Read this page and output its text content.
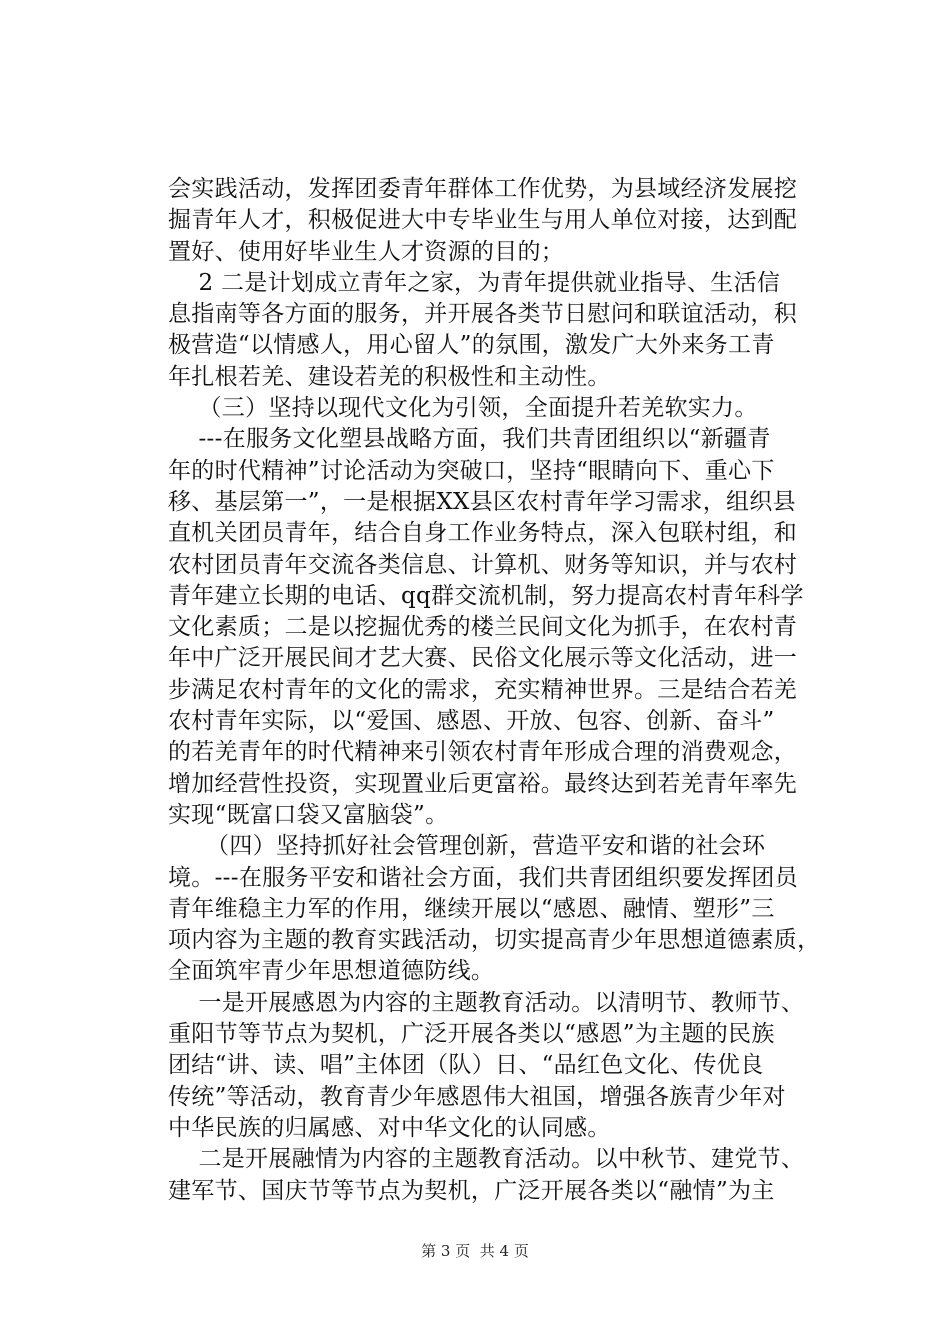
会实践活动，发挥团委青年群体工作优势，为县域经济发展挖
掘青年人才，积极促进大中专毕业生与用人单位对接，达到配
置好、使用好毕业生人才资源的目的；
2 二是计划成立青年之家，为青年提供就业指导、生活信
息指南等各方面的服务，并开展各类节日慰问和联谊活动，积
极营造“以情感人，用心留人”的氛围，激发广大外来务工青
年扎根若羌、建设若羌的积极性和主动性。
（三）坚持以现代文化为引领，全面提升若羌软实力。
---在服务文化塑县战略方面，我们共青团组织以“新疆青
年的时代精神”讨论活动为突破口，坚持“眼睛向下、重心下
移、基层第一”，一是根据XX县区农村青年学习需求，组织县
直机关团员青年，结合自身工作业务特点，深入包联村组，和
农村团员青年交流各类信息、计算机、财务等知识，并与农村
青年建立长期的电话、qq群交流机制，努力提高农村青年科学
文化素质；二是以挖掘优秀的楼兰民间文化为抓手，在农村青
年中广泛开展民间才艺大赛、民俗文化展示等文化活动，进一
步满足农村青年的文化的需求，充实精神世界。三是结合若羌
农村青年实际，以“爱国、感恩、开放、包容、创新、奋斗”
的若羌青年的时代精神来引领农村青年形成合理的消费观念，
增加经营性投资，实现置业后更富裕。最终达到若羌青年率先
实现“既富口袋又富脑袋”。
（四）坚持抓好社会管理创新，营造平安和谐的社会环
境。---在服务平安和谐社会方面，我们共青团组织要发挥团员
青年维稳主力军的作用，继续开展以“感恩、融情、塑形”三
项内容为主题的教育实践活动，切实提高青少年思想道德素质，
全面筑牢青少年思想道德防线。
一是开展感恩为内容的主题教育活动。以清明节、教师节、
重阳节等节点为契机，广泛开展各类以“感恩”为主题的民族
团结“讲、读、唱”主体团（队）日、“品红色文化、传优良
传统”等活动，教育青少年感恩伟大祖国，增强各族青少年对
中华民族的归属感、对中华文化的认同感。
二是开展融情为内容的主题教育活动。以中秋节、建党节、
建军节、国庆节等节点为契机，广泛开展各类以“融情”为主
第 3 页  共 4 页
